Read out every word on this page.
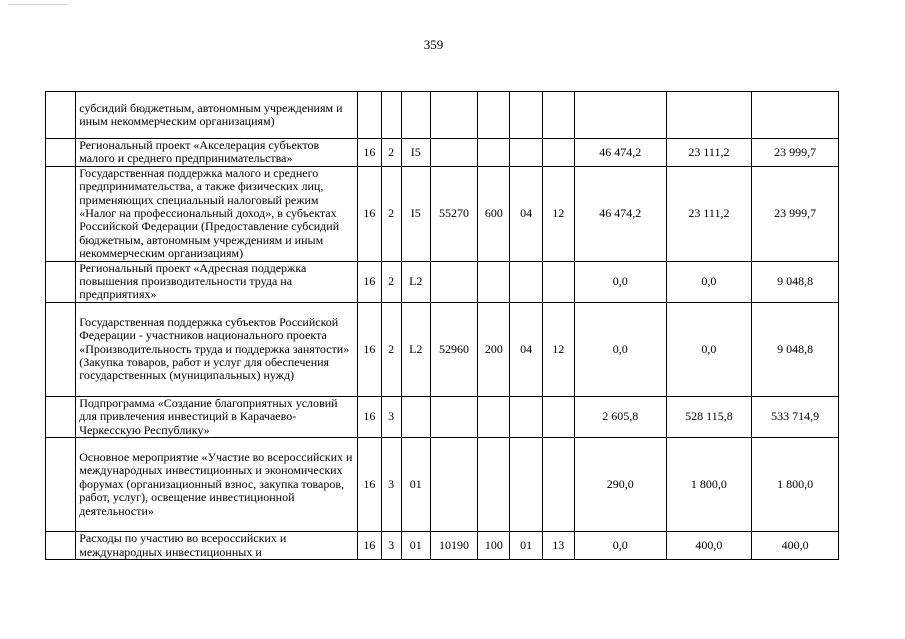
359
	субсидий бюджетным, автономным учреждениям и иным некоммерческим организациям)										
	Региональный проект «Акселерация субъектов малого и среднего предпринимательства»	16	2	I5					46 474,2	23 111,2	23 999,7
	Государственная поддержка малого и среднего предпринимательства, а также физических лиц, применяющих специальный налоговый режим «Налог на профессиональный доход», в субъектах Российской Федерации (Предоставление субсидий бюджетным, автономным учреждениям и иным некоммерческим организациям)	16	2	I5	55270	600	04	12	46 474,2	23 111,2	23 999,7
	Региональный проект «Адресная поддержка повышения производительности труда на предприятиях»	16	2	L2					0,0	0,0	9 048,8
	Государственная поддержка субъектов Российской Федерации - участников национального проекта «Производительность труда и поддержка занятости» (Закупка товаров, работ и услуг для обеспечения государственных (муниципальных) нужд)	16	2	L2	52960	200	04	12	0,0	0,0	9 048,8
	Подпрограмма «Создание благоприятных условий для привлечения инвестиций в Карачаево-Черкесскую Республику»	16	3						2 605,8	528 115,8	533 714,9
	Основное мероприятие «Участие во всероссийских и международных инвестиционных и экономических форумах (организационный взнос, закупка товаров, работ, услуг), освещение инвестиционной деятельности»	16	3	01					290,0	1 800,0	1 800,0
	Расходы по участию во всероссийских и международных инвестиционных и	16	3	01	10190	100	01	13	0,0	400,0	400,0
